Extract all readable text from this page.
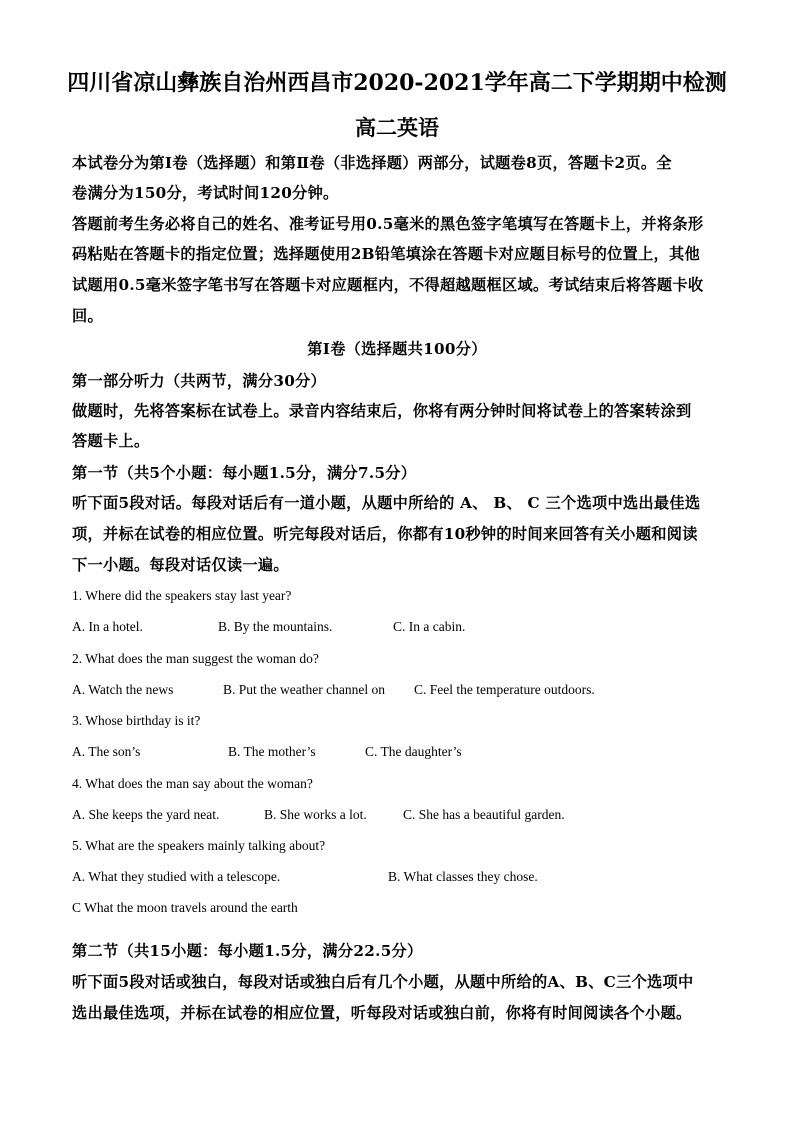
四川省凉山彝族自治州西昌市2020-2021学年高二下学期期中检测
高二英语
本试卷分为第Ⅰ卷（选择题）和第Ⅱ卷（非选择题）两部分，试题卷8页，答题卡2页。全
卷满分为150分，考试时间120分钟。
答题前考生务必将自己的姓名、准考证号用0.5毫米的黑色签字笔填写在答题卡上，并将条形
码粘贴在答题卡的指定位置；选择题使用2B铅笔填涂在答题卡对应题目标号的位置上，其他
试题用0.5毫米签字笔书写在答题卡对应题框内，不得超越题框区域。考试结束后将答题卡收
回。
第Ⅰ卷（选择题共100分）
第一部分听力（共两节，满分30分）
做题时，先将答案标在试卷上。录音内容结束后，你将有两分钟时间将试卷上的答案转涂到
答题卡上。
第一节（共5个小题：每小题1.5分，满分7.5分）
听下面5段对话。每段对话后有一道小题，从题中所给的 A、 B、 C 三个选项中选出最佳选
项，并标在试卷的相应位置。听完每段对话后，你都有10秒钟的时间来回答有关小题和阅读
下一小题。每段对话仅读一遍。
1. Where did the speakers stay last year?
A. In a hotel.	B. By the mountains.	C. In a cabin.
2. What does the man suggest the woman do?
A. Watch the news	B. Put the weather channel on C. Feel the temperature outdoors.
3. Whose birthday is it?
A. The son’s	B. The mother’s	C. The daughter’s
4. What does the man say about the woman?
A. She keeps the yard neat.	B. She works a lot.	C. She has a beautiful garden.
5. What are the speakers mainly talking about?
A. What they studied with a telescope.	B. What classes they chose.
C What the moon travels around the earth
第二节（共15小题：每小题1.5分，满分22.5分）
听下面5段对话或独白，每段对话或独白后有几个小题，从题中所给的A、B、C三个选项中
选出最佳选项，并标在试卷的相应位置，听每段对话或独白前，你将有时间阅读各个小题。
